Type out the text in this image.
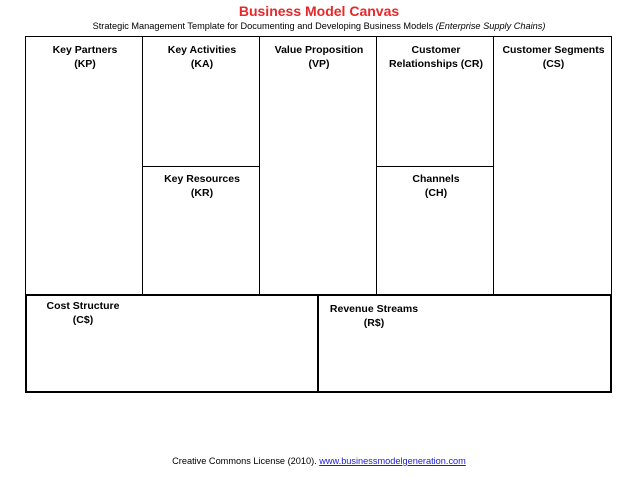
Business Model Canvas
Strategic Management Template for Documenting and Developing Business Models (Enterprise Supply Chains)
Key Partners
(KP)
Key Activities
(KA)
Key Resources
(KR)
Value Proposition
(VP)
Customer
Relationships (CR)
Channels
(CH)
Customer Segments
(CS)
Cost Structure
(C$)
Revenue Streams
(R$)
Creative Commons License (2010). www.businessmodelgeneration.com
